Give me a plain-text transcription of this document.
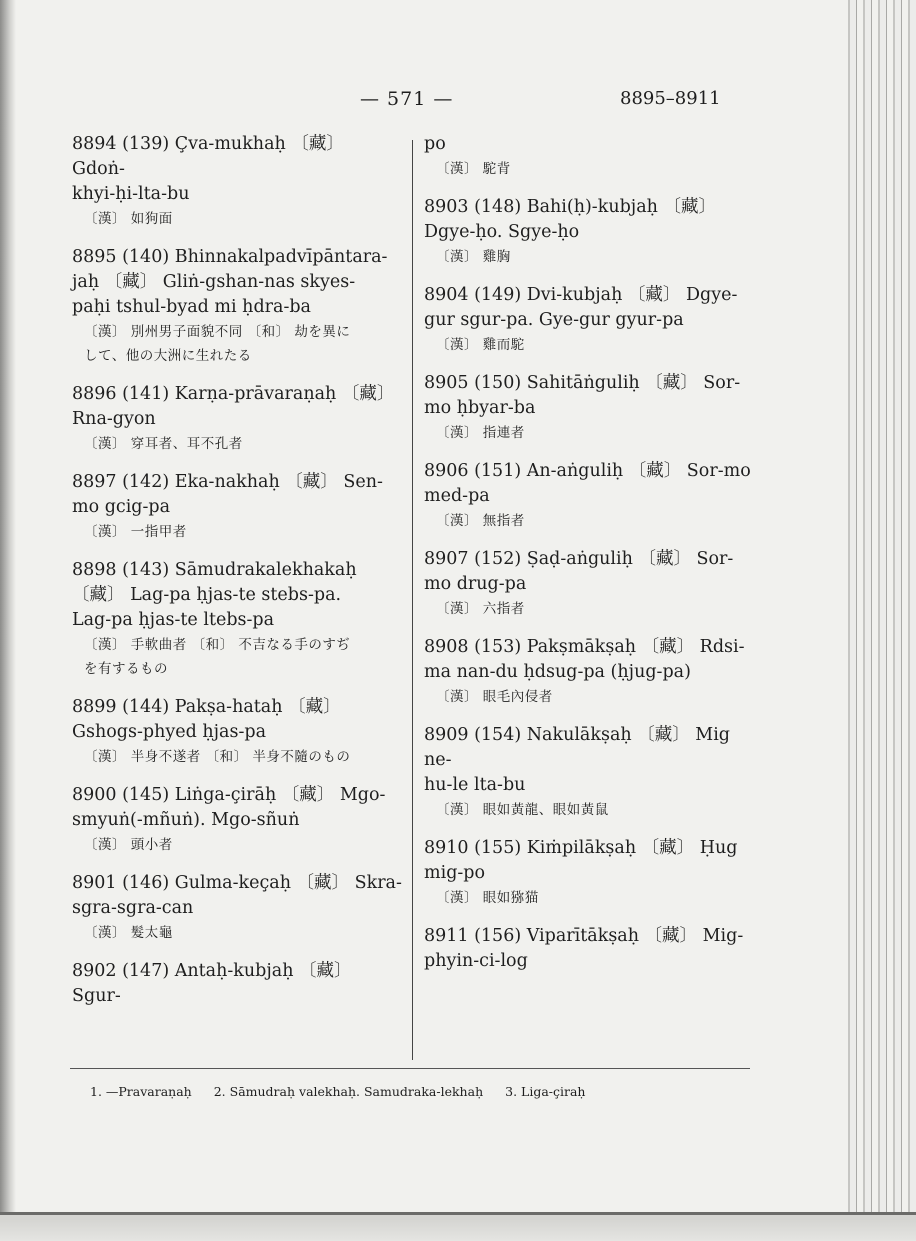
— 571 —	8895–8911
8894 (139) Çva-mukhaḥ 〔藏〕 Gdoṅ-
khyi-ḥi-lta-bu
〔漢〕 如狗面
8895 (140) Bhinnakalpadvīpāntara-
jaḥ 〔藏〕 Gliṅ-gshan-nas skyes-
paḥi tshul-byad mi ḥdra-ba
〔漢〕 別州男子面貌不同 〔和〕 劫を異に
して、他の大洲に生れたる
8896 (141) Karṇa-prāvaraṇaḥ 〔藏〕
Rna-gyon
〔漢〕 穿耳者、耳不孔者
8897 (142) Eka-nakhaḥ 〔藏〕 Sen-
mo gcig-pa
〔漢〕 一指甲者
8898 (143) Sāmudrakalekhakaḥ
〔藏〕 Lag-pa ḥjas-te stebs-pa.
Lag-pa ḥjas-te ltebs-pa
〔漢〕 手軟曲者 〔和〕 不吉なる手のすぢ
を有するもの
8899 (144) Pakṣa-hataḥ 〔藏〕
Gshogs-phyed ḥjas-pa
〔漢〕 半身不遂者 〔和〕 半身不隨のもの
8900 (145) Liṅga-çirāḥ 〔藏〕 Mgo-
smyuṅ(-mñuṅ). Mgo-sñuṅ
〔漢〕 頭小者
8901 (146) Gulma-keçaḥ 〔藏〕 Skra-
sgra-sgra-can
〔漢〕 髮太龜
8902 (147) Antaḥ-kubjaḥ 〔藏〕 Sgur-
po
〔漢〕 駝背
8903 (148) Bahi(ḥ)-kubjaḥ 〔藏〕
Dgye-ḥo. Sgye-ḥo
〔漢〕 雞胸
8904 (149) Dvi-kubjaḥ 〔藏〕 Dgye-
gur sgur-pa. Gye-gur gyur-pa
〔漢〕 雞而駝
8905 (150) Sahitāṅguliḥ 〔藏〕 Sor-
mo ḥbyar-ba
〔漢〕 指連者
8906 (151) An-aṅguliḥ 〔藏〕 Sor-mo
med-pa
〔漢〕 無指者
8907 (152) Ṣaḍ-aṅguliḥ 〔藏〕 Sor-
mo drug-pa
〔漢〕 六指者
8908 (153) Pakṣmākṣaḥ 〔藏〕 Rdsi-
ma nan-du ḥdsug-pa (ḥjug-pa)
〔漢〕 眼毛內侵者
8909 (154) Nakulākṣaḥ 〔藏〕 Mig ne-
hu-le lta-bu
〔漢〕 眼如黃龍、眼如黃鼠
8910 (155) Kiṁpilākṣaḥ 〔藏〕 Ḥug
mig-po
〔漢〕 眼如猕猫
8911 (156) Viparītākṣaḥ 〔藏〕 Mig-
phyin-ci-log
1. —Pravaraṇaḥ 2. Sāmudraḥ valekhaḥ. Samudraka-lekhaḥ 3. Liga-çiraḥ
